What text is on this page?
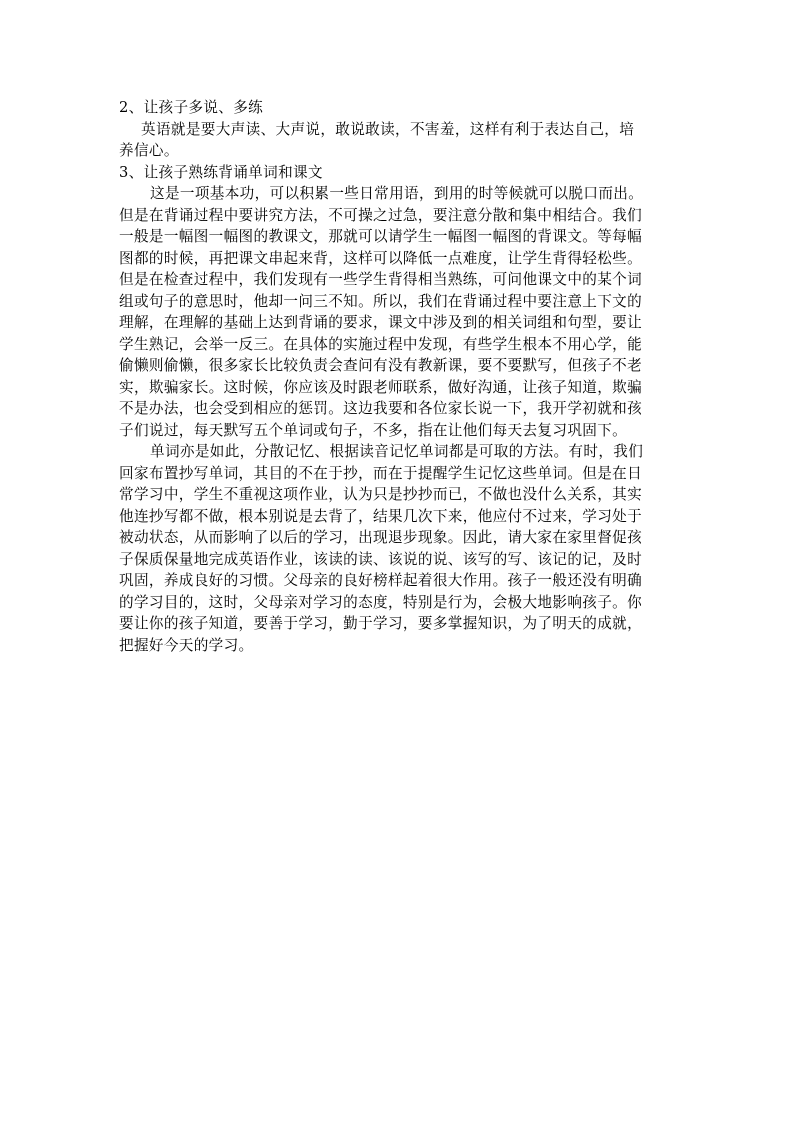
2、让孩子多说、多练
英语就是要大声读、大声说，敢说敢读，不害羞，这样有利于表达自己，培
养信心。
3、让孩子熟练背诵单词和课文
这是一项基本功，可以积累一些日常用语，到用的时等候就可以脱口而出。
但是在背诵过程中要讲究方法，不可操之过急，要注意分散和集中相结合。我们
一般是一幅图一幅图的教课文，那就可以请学生一幅图一幅图的背课文。等每幅
图都的时候，再把课文串起来背，这样可以降低一点难度，让学生背得轻松些。
但是在检查过程中，我们发现有一些学生背得相当熟练，可问他课文中的某个词
组或句子的意思时，他却一问三不知。所以，我们在背诵过程中要注意上下文的
理解，在理解的基础上达到背诵的要求，课文中涉及到的相关词组和句型，要让
学生熟记，会举一反三。在具体的实施过程中发现，有些学生根本不用心学，能
偷懒则偷懒，很多家长比较负责会查问有没有教新课，要不要默写，但孩子不老
实，欺骗家长。这时候，你应该及时跟老师联系，做好沟通，让孩子知道，欺骗
不是办法，也会受到相应的惩罚。这边我要和各位家长说一下，我开学初就和孩
子们说过，每天默写五个单词或句子，不多，指在让他们每天去复习巩固下。
单词亦是如此，分散记忆、根据读音记忆单词都是可取的方法。有时，我们
回家布置抄写单词，其目的不在于抄，而在于提醒学生记忆这些单词。但是在日
常学习中，学生不重视这项作业，认为只是抄抄而已，不做也没什么关系，其实
他连抄写都不做，根本别说是去背了，结果几次下来，他应付不过来，学习处于
被动状态，从而影响了以后的学习，出现退步现象。因此，请大家在家里督促孩
子保质保量地完成英语作业，该读的读、该说的说、该写的写、该记的记，及时
巩固，养成良好的习惯。父母亲的良好榜样起着很大作用。孩子一般还没有明确
的学习目的，这时，父母亲对学习的态度，特别是行为，会极大地影响孩子。你
要让你的孩子知道，要善于学习，勤于学习，要多掌握知识，为了明天的成就，
把握好今天的学习。
